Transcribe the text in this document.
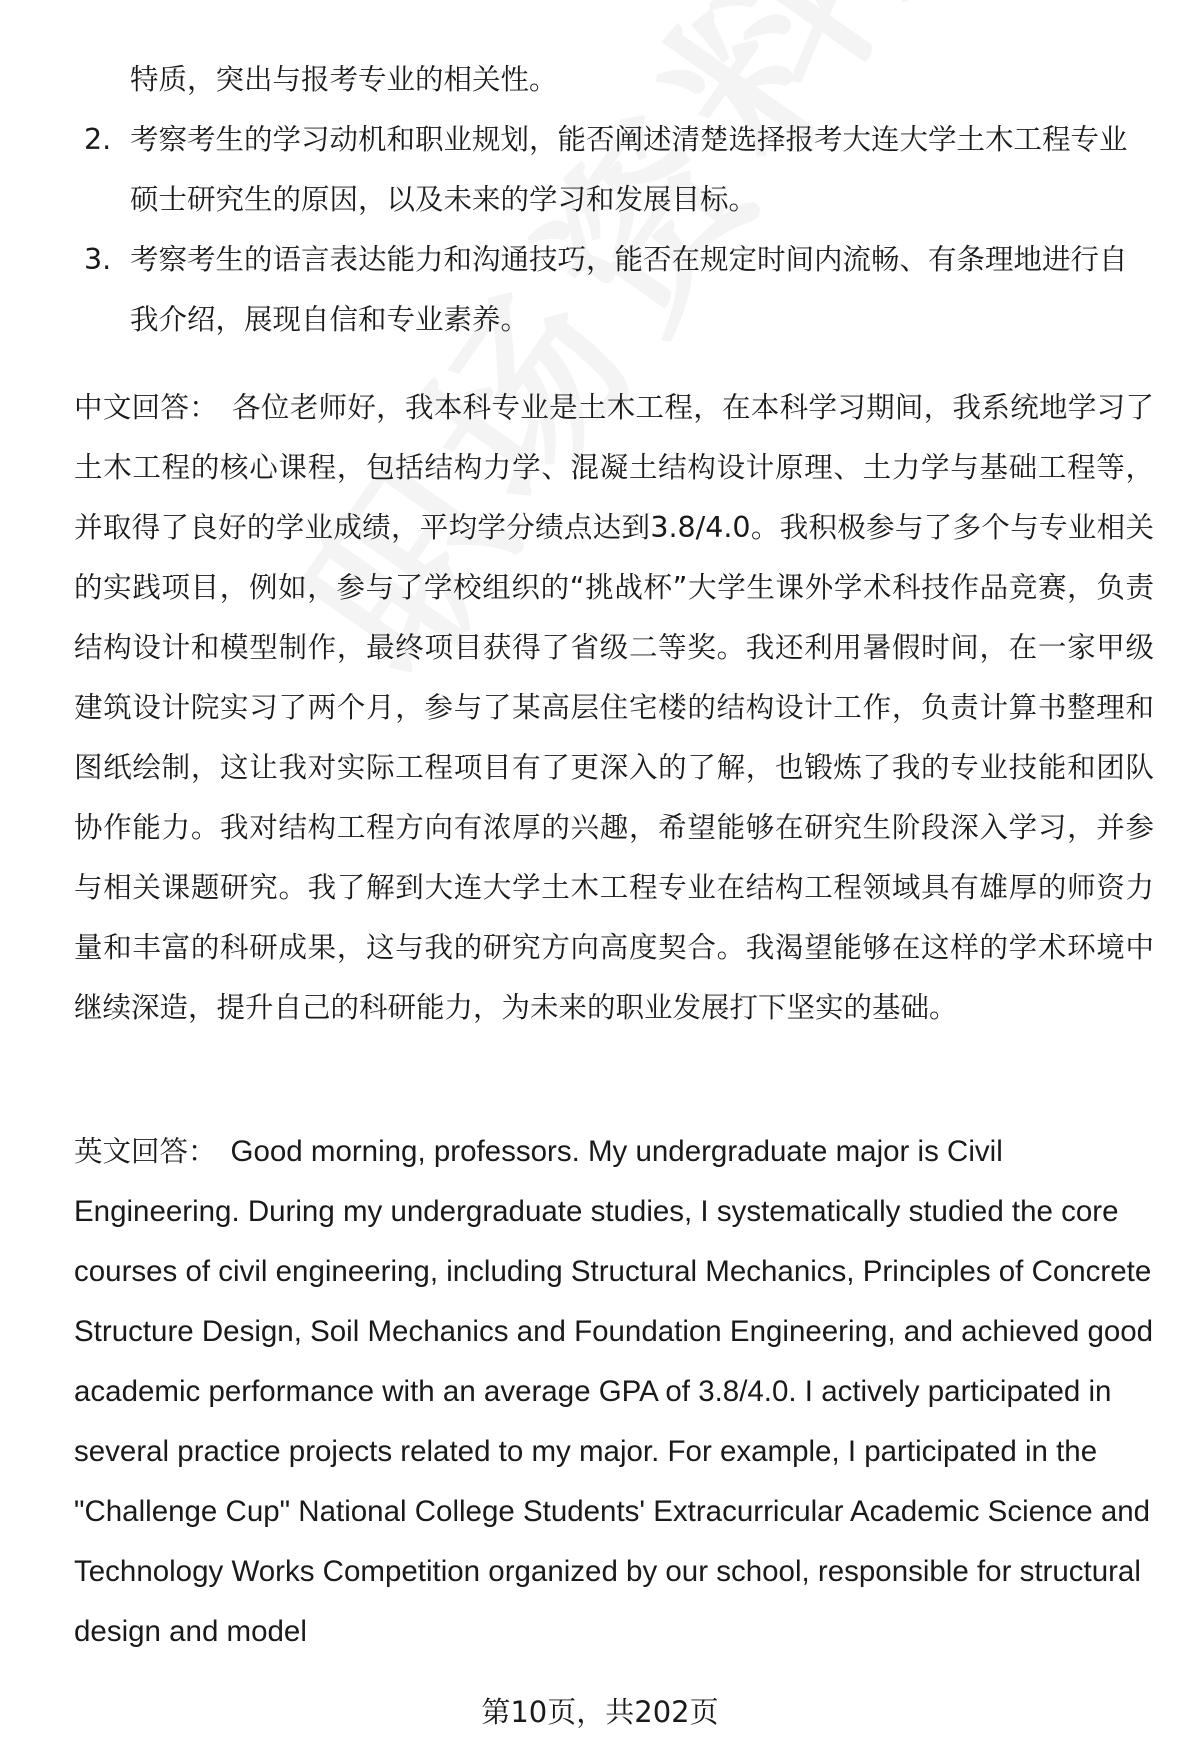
特质，突出与报考专业的相关性。
2. 考察考生的学习动机和职业规划，能否阐述清楚选择报考大连大学土木工程专业硕士研究生的原因，以及未来的学习和发展目标。
3. 考察考生的语言表达能力和沟通技巧，能否在规定时间内流畅、有条理地进行自我介绍，展现自信和专业素养。
中文回答： 各位老师好，我本科专业是土木工程，在本科学习期间，我系统地学习了土木工程的核心课程，包括结构力学、混凝土结构设计原理、土力学与基础工程等，并取得了良好的学业成绩，平均学分绩点达到3.8/4.0。我积极参与了多个与专业相关的实践项目，例如，参与了学校组织的“挑战杯”大学生课外学术科技作品竞赛，负责结构设计和模型制作，最终项目获得了省级二等奖。我还利用暑假时间，在一家甲级建筑设计院实习了两个月，参与了某高层住宅楼的结构设计工作，负责计算书整理和图纸绘制，这让我对实际工程项目有了更深入的了解，也锻炼了我的专业技能和团队协作能力。我对结构工程方向有浓厚的兴趣，希望能够在研究生阶段深入学习，并参与相关课题研究。我了解到大连大学土木工程专业在结构工程领域具有雄厚的师资力量和丰富的科研成果，这与我的研究方向高度契合。我渴望能够在这样的学术环境中继续深造，提升自己的科研能力，为未来的职业发展打下坚实的基础。
英文回答： Good morning, professors. My undergraduate major is Civil Engineering. During my undergraduate studies, I systematically studied the core courses of civil engineering, including Structural Mechanics, Principles of Concrete Structure Design, Soil Mechanics and Foundation Engineering, and achieved good academic performance with an average GPA of 3.8/4.0. I actively participated in several practice projects related to my major. For example, I participated in the "Challenge Cup" National College Students' Extracurricular Academic Science and Technology Works Competition organized by our school, responsible for structural design and model
第10页，共202页
